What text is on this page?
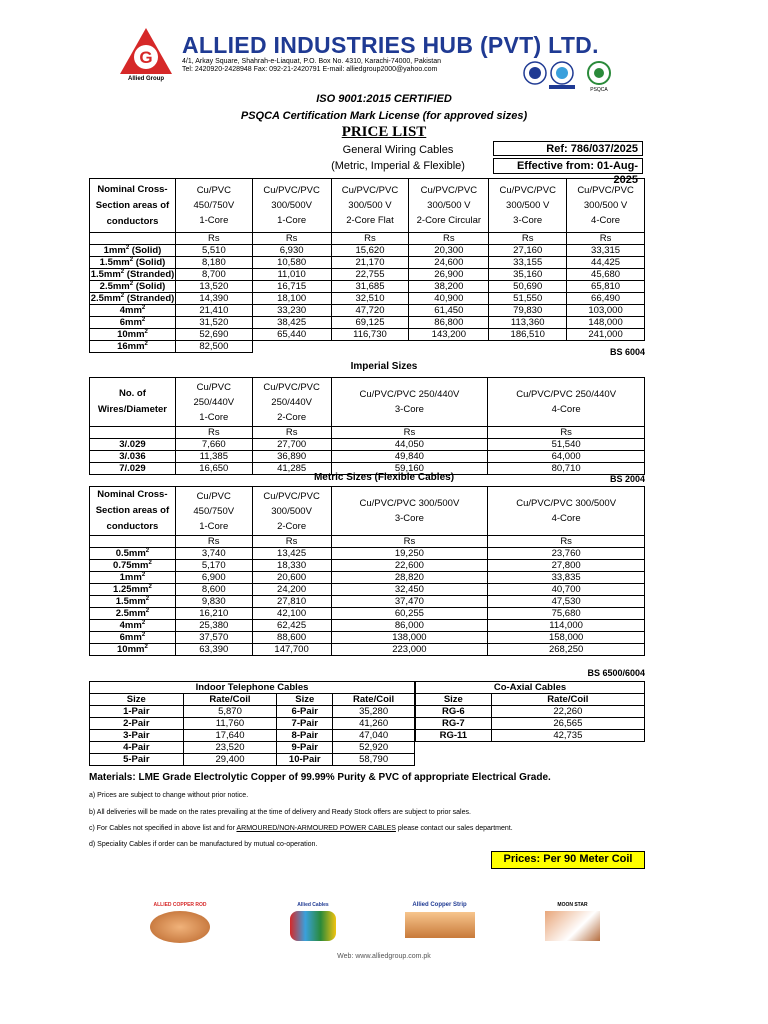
G
Allied Group
ALLIED INDUSTRIES HUB (PVT) LTD.
4/1, Arkay Square, Shahrah-e-Liaquat, P.O. Box No. 4310, Karachi-74000, Pakistan
Tel: 2420920-2428948 Fax: 092-21-2420791 E-mail: alliedgroup2000@yahoo.com
PSQCA
ISO 9001:2015 CERTIFIED
PSQCA Certification Mark License (for approved sizes)
PRICE LIST
General Wiring Cables
(Metric, Imperial & Flexible)
Ref: 786/037/2025
Effective from: 01-Aug-2025
Nominal Cross-Section areas of conductors	Cu/PVC
450/750V
1-Core	Cu/PVC/PVC
300/500V
1-Core	Cu/PVC/PVC
300/500 V
2-Core Flat	Cu/PVC/PVC
300/500 V
2-Core Circular	Cu/PVC/PVC
300/500 V
3-Core	Cu/PVC/PVC
300/500 V
4-Core
	Rs	Rs	Rs	Rs	Rs	Rs
$1mm^2$ (Solid)	5,510	6,930	15,620	20,300	27,160	33,315
$1.5mm^2$ (Solid)	8,180	10,580	21,170	24,600	33,155	44,425
$1.5mm^2$ (Stranded)	8,700	11,010	22,755	26,900	35,160	45,680
$2.5mm^2$ (Solid)	13,520	16,715	31,685	38,200	50,690	65,810
$2.5mm^2$ (Stranded)	14,390	18,100	32,510	40,900	51,550	66,490
$4mm^2$	21,410	33,230	47,720	61,450	79,830	103,000
$6mm^2$	31,520	38,425	69,125	86,800	113,360	148,000
$10mm^2$	52,690	65,440	116,730	143,200	186,510	241,000
$16mm^2$	82,500						BS 6004
Imperial Sizes
No. of Wires/Diameter	Cu/PVC
250/440V
1-Core	Cu/PVC/PVC
250/440V
2-Core	Cu/PVC/PVC 250/440V
3-Core	Cu/PVC/PVC 250/440V
4-Core
	Rs	Rs	Rs	Rs
3/.029	7,660	27,700	44,050	51,540
3/.036	11,385	36,890	49,840	64,000
7/.029	16,650	41,285	59,160	80,710
Metric Sizes (Flexible Cables)	BS 2004
Nominal Cross-Section areas of conductors	Cu/PVC
450/750V
1-Core	Cu/PVC/PVC
300/500V
2-Core	Cu/PVC/PVC 300/500V
3-Core	Cu/PVC/PVC 300/500V
4-Core
	Rs	Rs	Rs	Rs
$0.5mm^2$	3,740	13,425	19,250	23,760
$0.75mm^2$	5,170	18,330	22,600	27,800
$1mm^2$	6,900	20,600	28,820	33,835
$1.25mm^2$	8,600	24,200	32,450	40,700
$1.5mm^2$	9,830	27,810	37,470	47,530
$2.5mm^2$	16,210	42,100	60,255	75,680
$4mm^2$	25,380	62,425	86,000	114,000
$6mm^2$	37,570	88,600	138,000	158,000
$10mm^2$	63,390	147,700	223,000	268,250
BS 6500/6004
Indoor Telephone Cables			
Size	Rate/Coil	Size	Rate/Coil
1-Pair	5,870	6-Pair	35,280
2-Pair	11,760	7-Pair	41,260
3-Pair	17,640	8-Pair	47,040
4-Pair	23,520	9-Pair	52,920
5-Pair	29,400	10-Pair	58,790
Co-Axial Cables	
Size	Rate/Coil
RG-6	22,260
RG-7	26,565
RG-11	42,735
Materials: LME Grade Electrolytic Copper of 99.99% Purity & PVC of appropriate Electrical Grade.
a) Prices are subject to change without prior notice.
b) All deliveries will be made on the rates prevailing at the time of delivery and Ready Stock offers are subject to prior sales.
c) For Cables not specified in above list and for ARMOURED/NON-ARMOURED POWER CABLES please contact our sales department.
d) Speciality Cables if order can be manufactured by mutual co-operation.
Prices: Per 90 Meter Coil
ALLIED COPPER ROD	Allied Cables	Allied Copper Strip	MOON STAR
Web: www.alliedgroup.com.pk
